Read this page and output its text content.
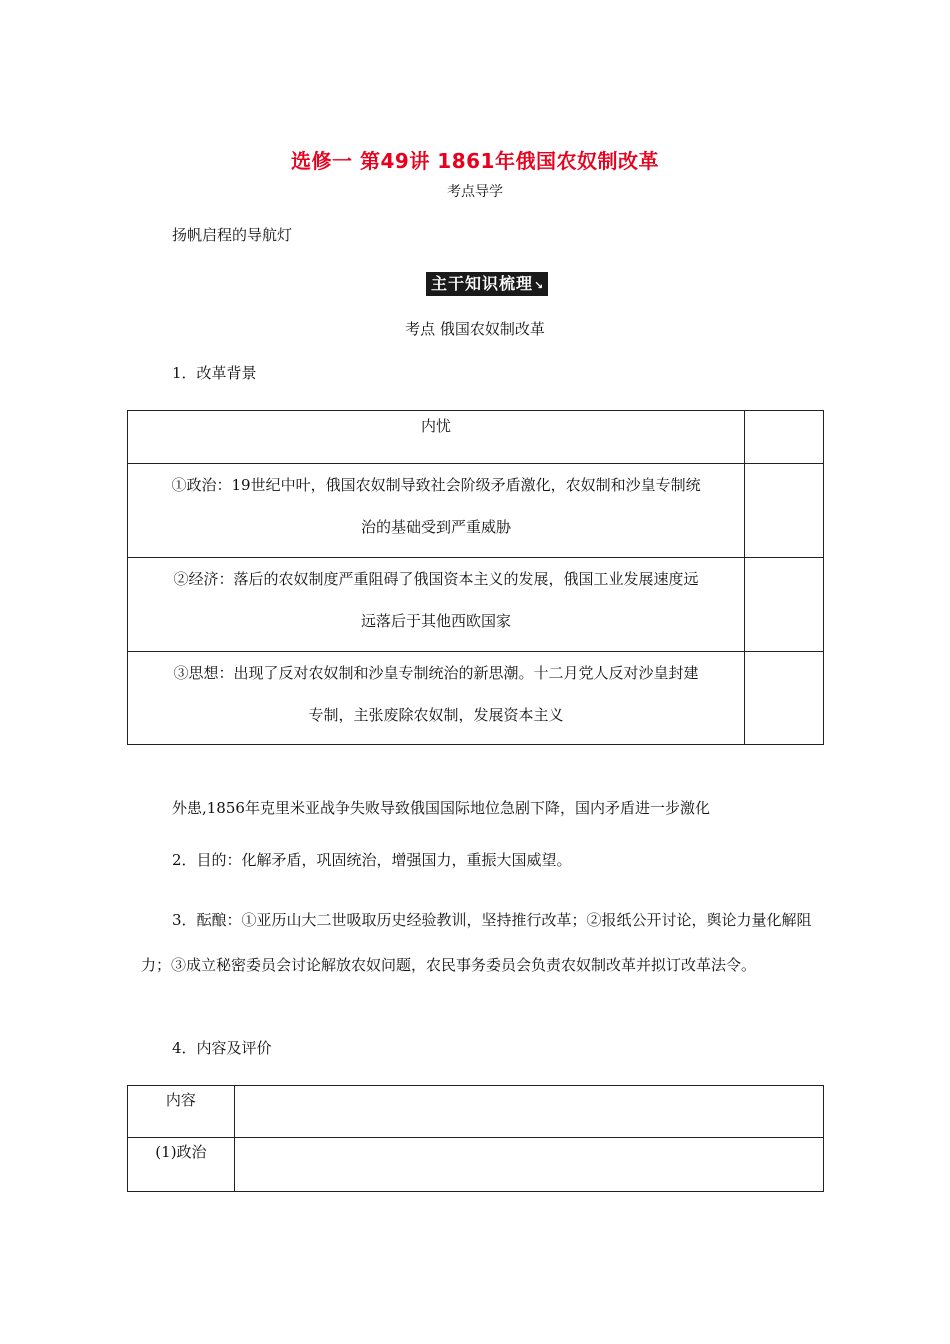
选修一 第49讲 1861年俄国农奴制改革
考点导学
扬帆启程的导航灯
主干知识梳理↘
考点 俄国农奴制改革
1．改革背景
内忧	

①政治：19世纪中叶，俄国农奴制导致社会阶级矛盾激化，农奴制和沙皇专制统
治的基础受到严重威胁	

②经济：落后的农奴制度严重阻碍了俄国资本主义的发展，俄国工业发展速度远
远落后于其他西欧国家	

③思想：出现了反对农奴制和沙皇专制统治的新思潮。十二月党人反对沙皇封建
专制，主张废除农奴制，发展资本主义	

外患,1856年克里米亚战争失败导致俄国国际地位急剧下降，国内矛盾进一步激化
2．目的：化解矛盾，巩固统治，增强国力，重振大国威望。
3．酝酿：①亚历山大二世吸取历史经验教训，坚持推行改革；②报纸公开讨论，舆论力量化解阻力；③成立秘密委员会讨论解放农奴问题，农民事务委员会负责农奴制改革并拟订改革法令。
4．内容及评价
内容	
(1)政治	
